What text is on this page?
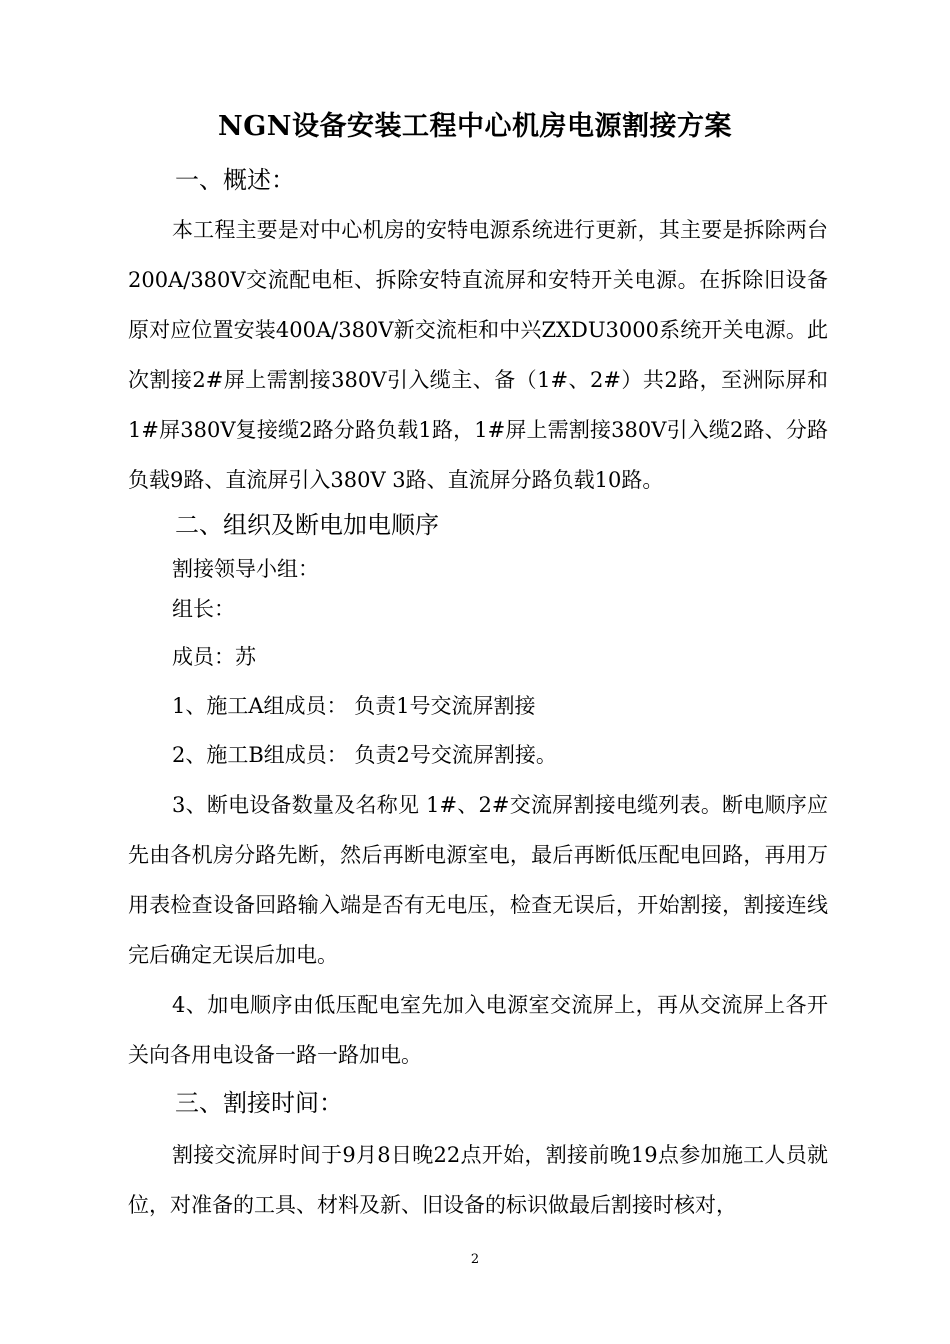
NGN设备安装工程中心机房电源割接方案
一、概述：

本工程主要是对中心机房的安特电源系统进行更新，其主要是拆除两台200A/380V交流配电柜、拆除安特直流屏和安特开关电源。在拆除旧设备原对应位置安装400A/380V新交流柜和中兴ZXDU3000系统开关电源。此次割接2#屏上需割接380V引入缆主、备（1#、2#）共2路，至洲际屏和1#屏380V复接缆2路分路负载1路，1#屏上需割接380V引入缆2路、分路负载9路、直流屏引入380V 3路、直流屏分路负载10路。

二、组织及断电加电顺序
割接领导小组：
组长：
成员：苏
1、施工A组成员： 负责1号交流屏割接
2、施工B组成员： 负责2号交流屏割接。

3、断电设备数量及名称见 1#、2#交流屏割接电缆列表。断电顺序应先由各机房分路先断，然后再断电源室电，最后再断低压配电回路，再用万用表检查设备回路输入端是否有无电压，检查无误后，开始割接，割接连线完后确定无误后加电。

4、加电顺序由低压配电室先加入电源室交流屏上，再从交流屏上各开关向各用电设备一路一路加电。

三、割接时间：

割接交流屏时间于9月8日晚22点开始，割接前晚19点参加施工人员就位，对准备的工具、材料及新、旧设备的标识做最后割接时核对，

2
